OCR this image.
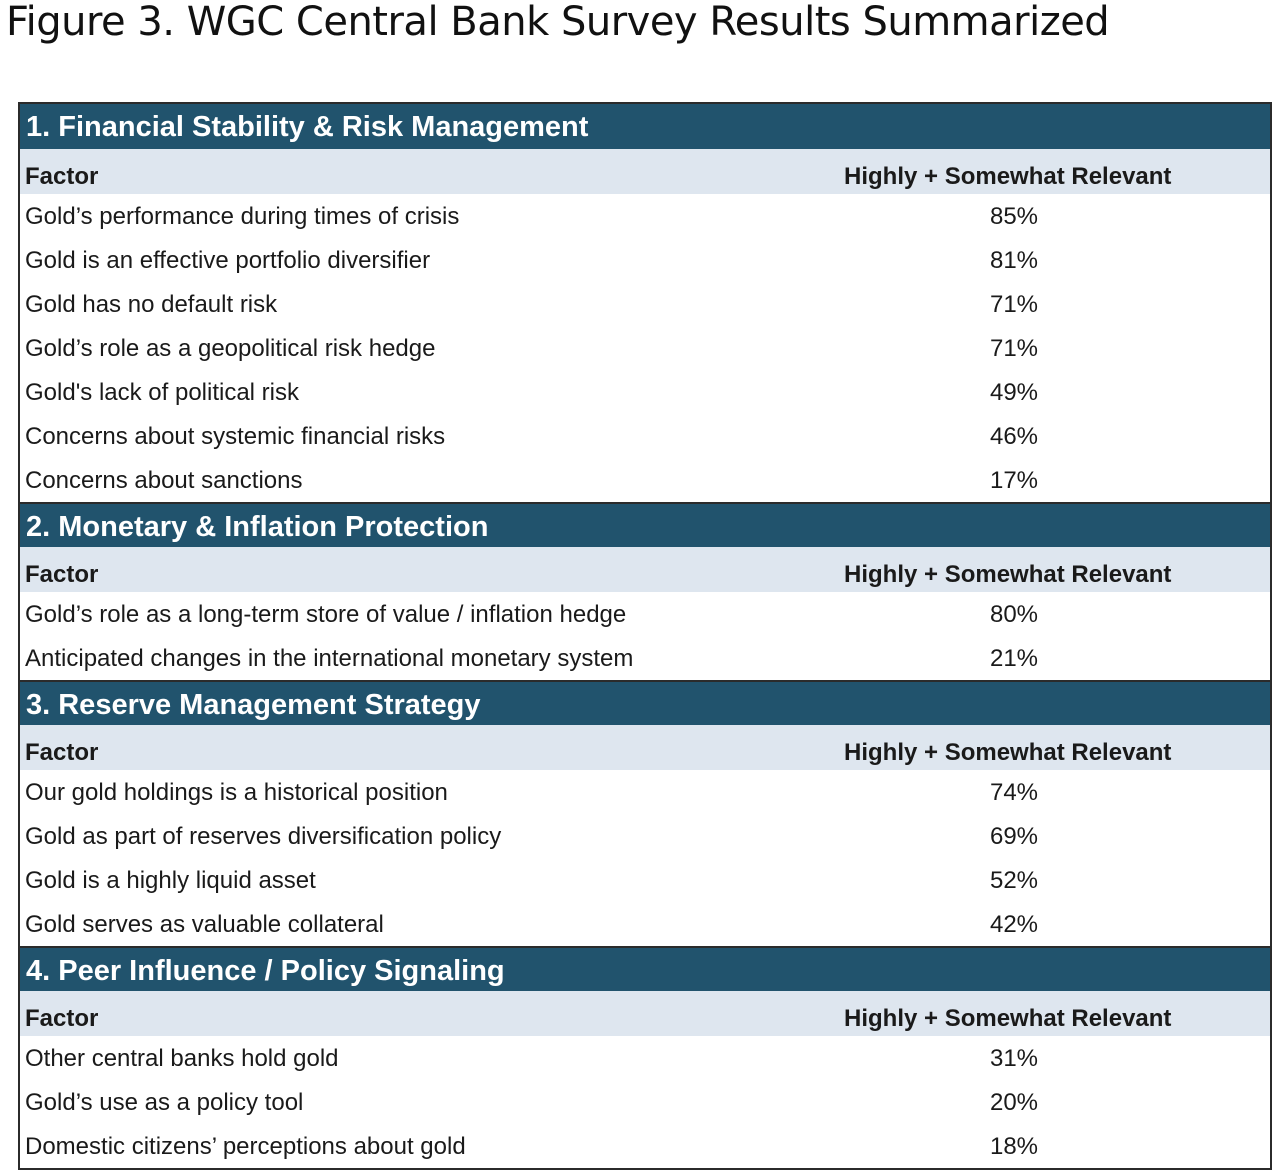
Figure 3. WGC Central Bank Survey Results Summarized
1. Financial Stability & Risk Management
Factor	Highly + Somewhat Relevant
Gold’s performance during times of crisis	85%
Gold is an effective portfolio diversifier	81%
Gold has no default risk	71%
Gold’s role as a geopolitical risk hedge	71%
Gold's lack of political risk	49%
Concerns about systemic financial risks	46%
Concerns about sanctions	17%
2. Monetary & Inflation Protection
Factor	Highly + Somewhat Relevant
Gold’s role as a long-term store of value / inflation hedge	80%
Anticipated changes in the international monetary system	21%
3. Reserve Management Strategy
Factor	Highly + Somewhat Relevant
Our gold holdings is a historical position	74%
Gold as part of reserves diversification policy	69%
Gold is a highly liquid asset	52%
Gold serves as valuable collateral	42%
4. Peer Influence / Policy Signaling
Factor	Highly + Somewhat Relevant
Other central banks hold gold	31%
Gold’s use as a policy tool	20%
Domestic citizens’ perceptions about gold	18%
